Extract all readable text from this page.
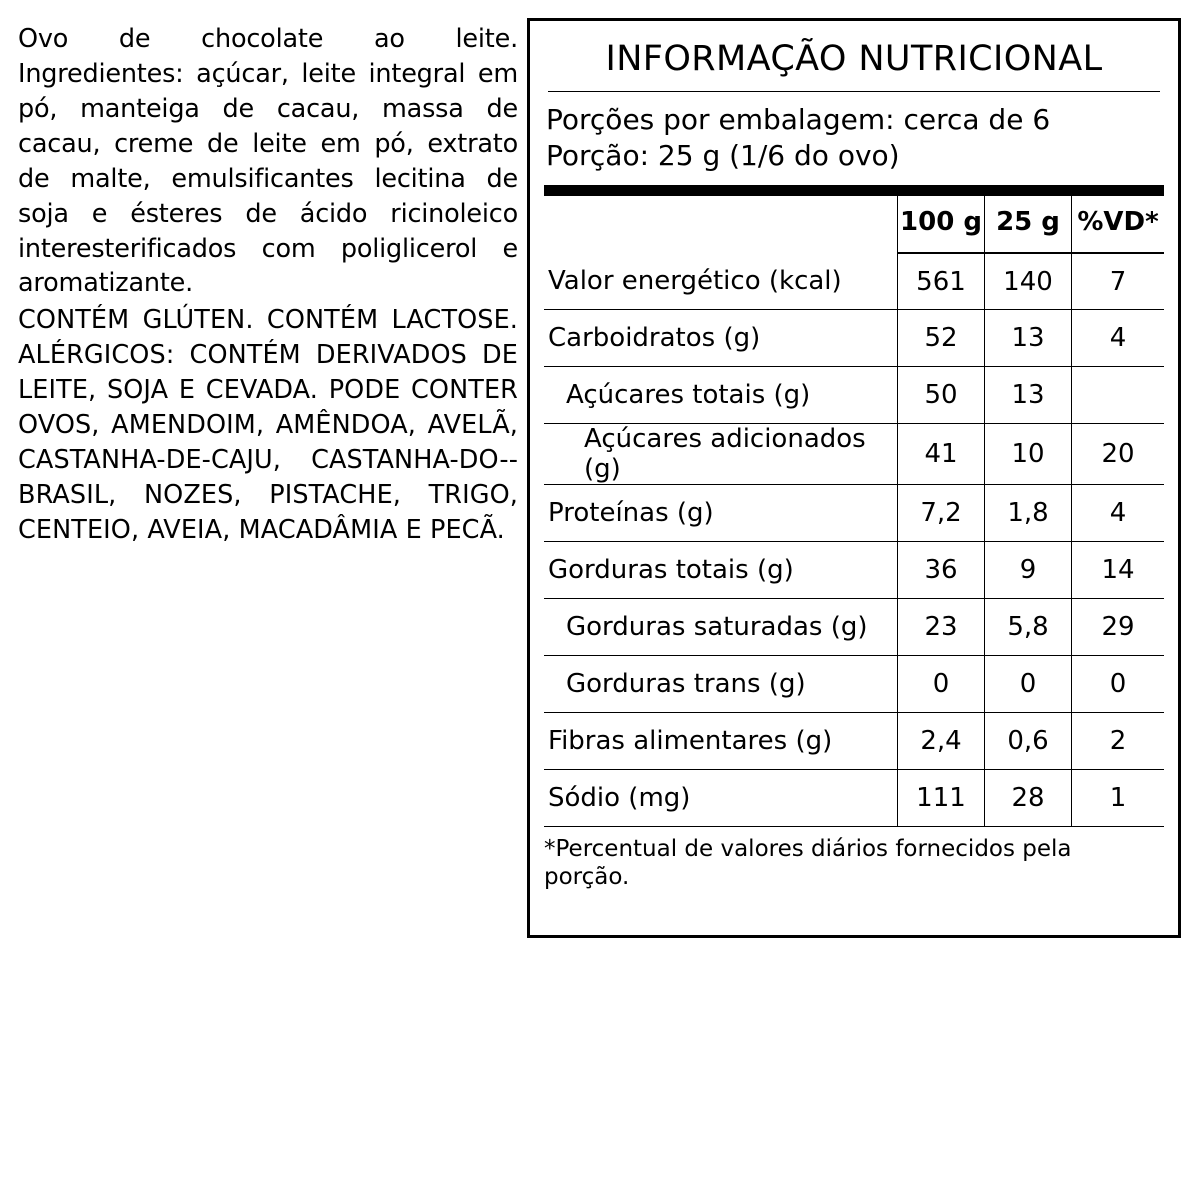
Ovo de chocolate ao leite. Ingredientes: açúcar, leite integral em pó, manteiga de cacau, massa de cacau, creme de leite em pó, extrato de malte, emulsificantes lecitina de soja e ésteres de ácido ricinoleico interesterificados com poliglicerol e aromatizante.

CONTÉM GLÚTEN. CONTÉM LACTOSE. ALÉRGICOS: CONTÉM DERIVADOS DE LEITE, SOJA E CEVADA. PODE CONTER OVOS, AMENDOIM, AMÊNDOA, AVELÃ, CASTANHA-DE-CAJU, CASTANHA-DO--BRASIL, NOZES, PISTACHE, TRIGO, CENTEIO, AVEIA, MACADÂMIA E PECÃ.
INFORMAÇÃO NUTRICIONAL
Porções por embalagem: cerca de 6
Porção: 25 g (1/6 do ovo)
	100 g	25 g	%VD*
Valor energético (kcal)	561	140	7
Carboidratos (g)	52	13	4
Açúcares totais (g)	50	13	
Açúcares adicionados (g)	41	10	20
Proteínas (g)	7,2	1,8	4
Gorduras totais (g)	36	9	14
Gorduras saturadas (g)	23	5,8	29
Gorduras trans (g)	0	0	0
Fibras alimentares (g)	2,4	0,6	2
Sódio (mg)	111	28	1
*Percentual de valores diários fornecidos pela porção.
